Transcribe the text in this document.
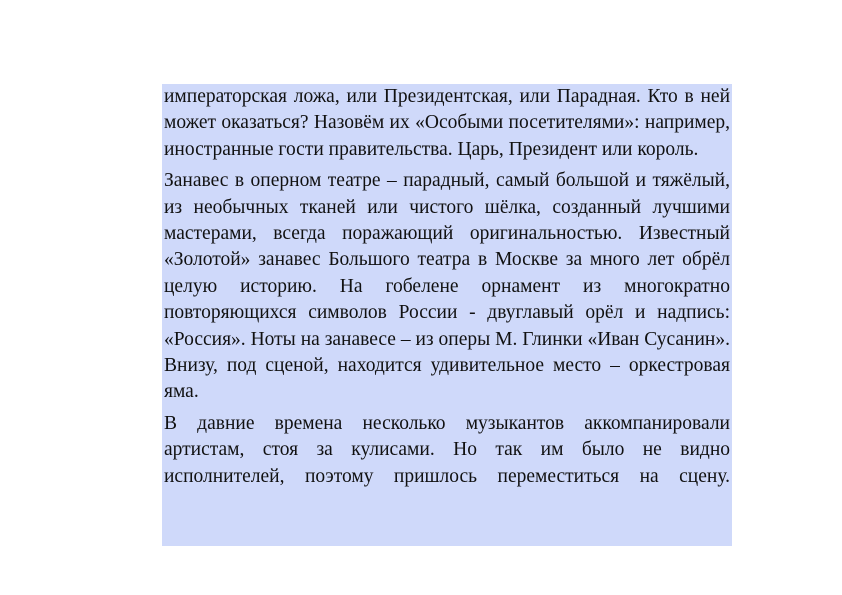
императорская ложа, или Президентская, или Парадная. Кто в ней может оказаться? Назовём их «Особыми посетителями»: например, иностранные гости правительства. Царь, Президент или король.

Занавес в оперном театре – парадный, самый большой и тяжёлый, из необычных тканей или чистого шёлка, созданный лучшими мастерами, всегда поражающий оригинальностью. Известный «Золотой» занавес Большого театра в Москве за много лет обрёл целую историю. На гобелене орнамент из многократно повторяющихся символов России - двуглавый орёл и надпись: «Россия». Ноты на занавесе – из оперы М. Глинки «Иван Сусанин». Внизу, под сценой, находится удивительное место – оркестровая яма.

В давние времена несколько музыкантов аккомпанировали артистам, стоя за кулисами. Но так им было не видно исполнителей, поэтому пришлось переместиться на сцену.
